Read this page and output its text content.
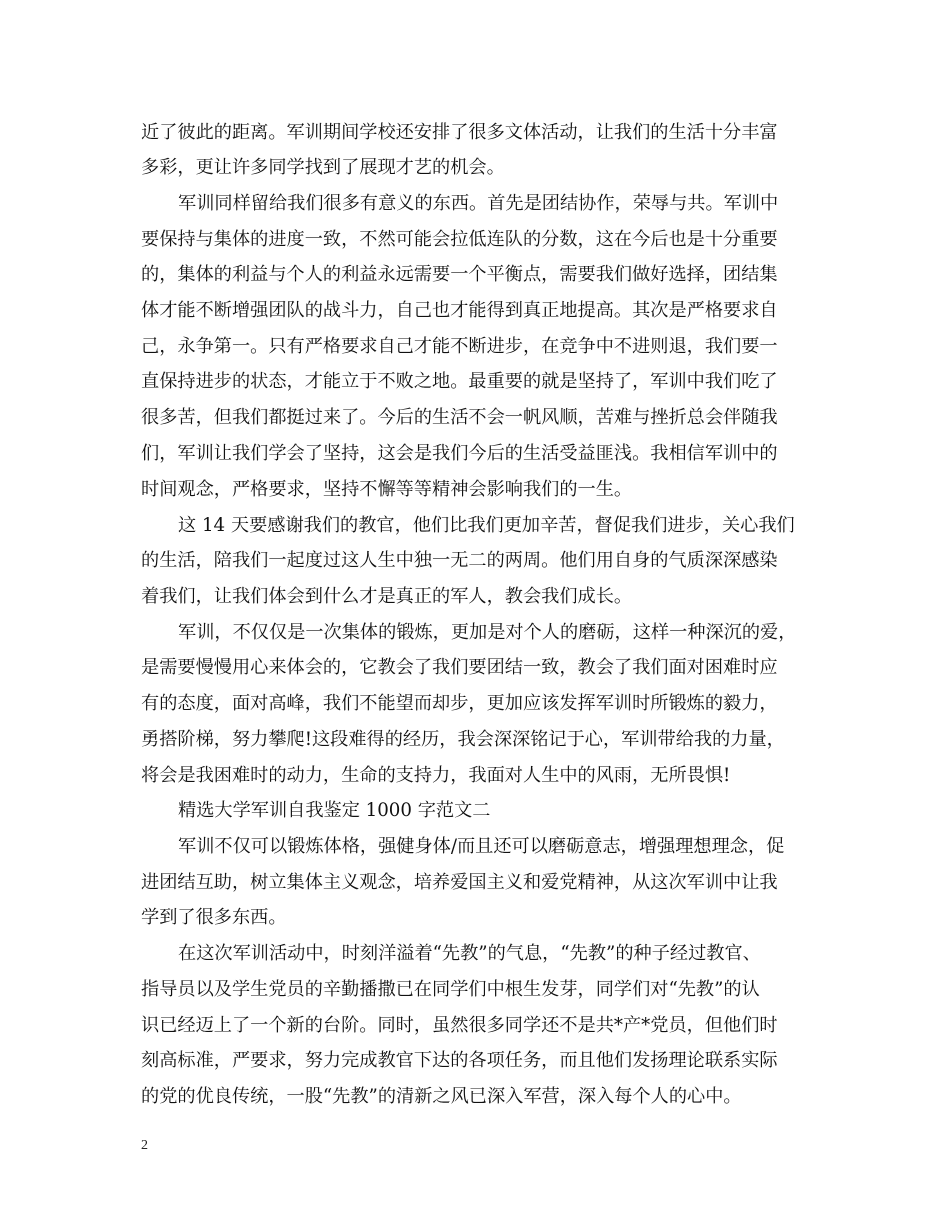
近了彼此的距离。军训期间学校还安排了很多文体活动，让我们的生活十分丰富
多彩，更让许多同学找到了展现才艺的机会。
军训同样留给我们很多有意义的东西。首先是团结协作，荣辱与共。军训中
要保持与集体的进度一致，不然可能会拉低连队的分数，这在今后也是十分重要
的，集体的利益与个人的利益永远需要一个平衡点，需要我们做好选择，团结集
体才能不断增强团队的战斗力，自己也才能得到真正地提高。其次是严格要求自
己，永争第一。只有严格要求自己才能不断进步，在竞争中不进则退，我们要一
直保持进步的状态，才能立于不败之地。最重要的就是坚持了，军训中我们吃了
很多苦，但我们都挺过来了。今后的生活不会一帆风顺，苦难与挫折总会伴随我
们，军训让我们学会了坚持，这会是我们今后的生活受益匪浅。我相信军训中的
时间观念，严格要求，坚持不懈等等精神会影响我们的一生。
这 14 天要感谢我们的教官，他们比我们更加辛苦，督促我们进步，关心我们
的生活，陪我们一起度过这人生中独一无二的两周。他们用自身的气质深深感染
着我们，让我们体会到什么才是真正的军人，教会我们成长。
军训，不仅仅是一次集体的锻炼，更加是对个人的磨砺，这样一种深沉的爱，
是需要慢慢用心来体会的，它教会了我们要团结一致，教会了我们面对困难时应
有的态度，面对高峰，我们不能望而却步，更加应该发挥军训时所锻炼的毅力，
勇搭阶梯，努力攀爬!这段难得的经历，我会深深铭记于心，军训带给我的力量，
将会是我困难时的动力，生命的支持力，我面对人生中的风雨，无所畏惧!
精选大学军训自我鉴定 1000 字范文二
军训不仅可以锻炼体格，强健身体/而且还可以磨砺意志，增强理想理念，促
进团结互助，树立集体主义观念，培养爱国主义和爱党精神，从这次军训中让我
学到了很多东西。
在这次军训活动中，时刻洋溢着“先教”的气息，“先教”的种子经过教官、
指导员以及学生党员的辛勤播撒已在同学们中根生发芽，同学们对“先教”的认
识已经迈上了一个新的台阶。同时，虽然很多同学还不是共*产*党员，但他们时
刻高标准，严要求，努力完成教官下达的各项任务，而且他们发扬理论联系实际
的党的优良传统，一股“先教”的清新之风已深入军营，深入每个人的心中。
2
